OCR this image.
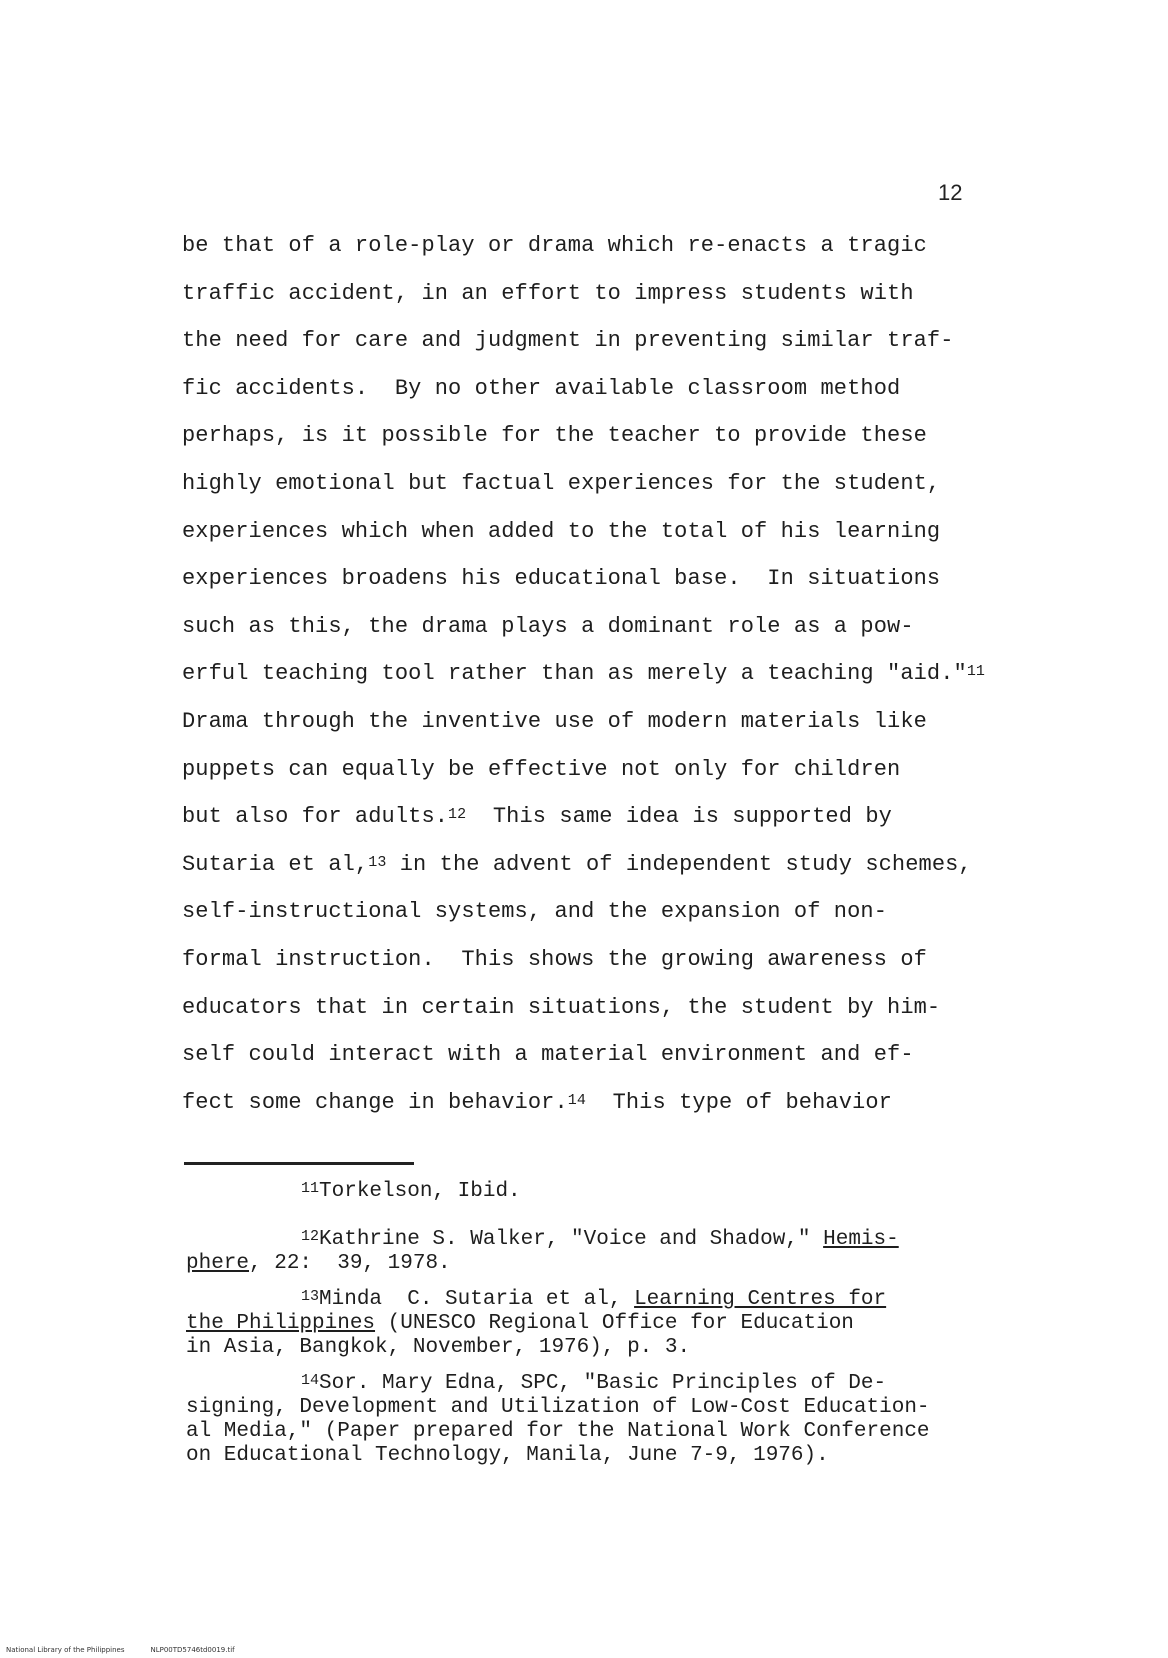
12
be that of a role-play or drama which re-enacts a tragic
traffic accident, in an effort to impress students with
the need for care and judgment in preventing similar traf-
fic accidents.  By no other available classroom method
perhaps, is it possible for the teacher to provide these
highly emotional but factual experiences for the student,
experiences which when added to the total of his learning
experiences broadens his educational base.  In situations
such as this, the drama plays a dominant role as a pow-
erful teaching tool rather than as merely a teaching "aid."$^{11}$
Drama through the inventive use of modern materials like
puppets can equally be effective not only for children
but also for adults.$^{12}$  This same idea is supported by
Sutaria et al,$^{13}$ in the advent of independent study schemes,
self-instructional systems, and the expansion of non-
formal instruction.  This shows the growing awareness of
educators that in certain situations, the student by him-
self could interact with a material environment and ef-
fect some change in behavior.$^{14}$  This type of behavior
$^{11}$Torkelson, Ibid.
$^{12}$Kathrine S. Walker, "Voice and Shadow," Hemis-
phere, 22:  39, 1978.
$^{13}$Minda  C. Sutaria et al, Learning Centres for
the Philippines (UNESCO Regional Office for Education
in Asia, Bangkok, November, 1976), p. 3.
$^{14}$Sor. Mary Edna, SPC, "Basic Principles of De-
signing, Development and Utilization of Low-Cost Education-
al Media," (Paper prepared for the National Work Conference
on Educational Technology, Manila, June 7-9, 1976).
National Library of the Philippines	NLP00TD5746td0019.tif
